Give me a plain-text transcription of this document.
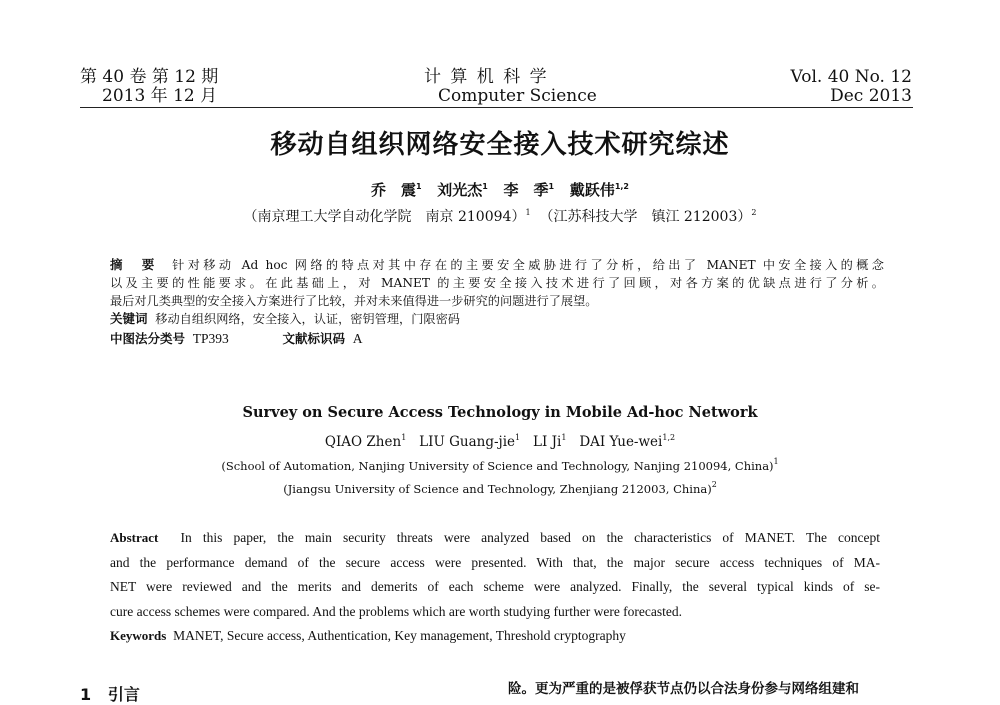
第 40 卷 第 12 期
2013 年 12 月
计 算 机 科 学
Computer Science
Vol. 40 No. 12
Dec 2013
移动自组织网络安全接入技术研究综述
乔　震$^1$ 刘光杰$^1$ 李　季$^1$ 戴跃伟$^{1,2}$
（南京理工大学自动化学院　南京 210094）$^1$ （江苏科技大学　镇江 212003）$^2$
摘　要 针对移动 Ad hoc 网络的特点对其中存在的主要安全威胁进行了分析，给出了 MANET 中安全接入的概念
以及主要的性能要求。在此基础上，对 MANET 的主要安全接入技术进行了回顾，对各方案的优缺点进行了分析。
最后对几类典型的安全接入方案进行了比较，并对未来值得进一步研究的问题进行了展望。
关键词 移动自组织网络，安全接入，认证，密钥管理，门限密码
中图法分类号 TP393	文献标识码 A
Survey on Secure Access Technology in Mobile Ad-hoc Network
QIAO Zhen$^1$ LIU Guang-jie$^1$ LI Ji$^1$ DAI Yue-wei$^{1,2}$
(School of Automation, Nanjing University of Science and Technology, Nanjing 210094, China)$^1$
(Jiangsu University of Science and Technology, Zhenjiang 212003, China)$^2$
Abstract In this paper, the main security threats were analyzed based on the characteristics of MANET. The concept
and the performance demand of the secure access were presented. With that, the major secure access techniques of MA-
NET were reviewed and the merits and demerits of each scheme were analyzed. Finally, the several typical kinds of se-
cure access schemes were compared. And the problems which are worth studying further were forecasted.
Keywords MANET, Secure access, Authentication, Key management, Threshold cryptography
1 引言	险。更为严重的是被俘获节点仍以合法身份参与网络组建和
